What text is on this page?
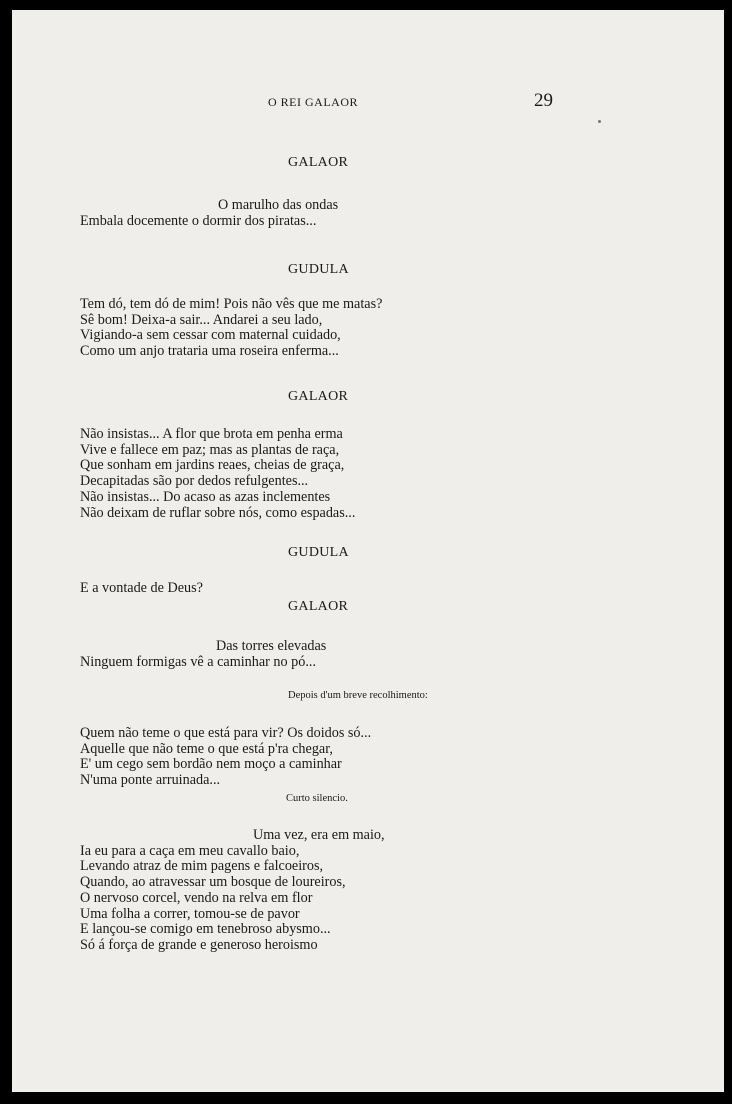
O REI GALAOR	29
GALAOR
O marulho das ondas
Embala docemente o dormir dos piratas...
GUDULA
Tem dó, tem dó de mim! Pois não vês que me matas?
Sê bom! Deixa-a sair... Andarei a seu lado,
Vigiando-a sem cessar com maternal cuidado,
Como um anjo trataria uma roseira enferma...
GALAOR
Não insistas... A flor que brota em penha erma
Vive e fallece em paz; mas as plantas de raça,
Que sonham em jardins reaes, cheias de graça,
Decapitadas são por dedos refulgentes...
Não insistas... Do acaso as azas inclementes
Não deixam de ruflar sobre nós, como espadas...
GUDULA
E a vontade de Deus?
GALAOR
Das torres elevadas
Ninguem formigas vê a caminhar no pó...
Depois d'um breve recolhimento:
Quem não teme o que está para vir? Os doidos só...
Aquelle que não teme o que está p'ra chegar,
E' um cego sem bordão nem moço a caminhar
N'uma ponte arruinada...
Curto silencio.
Uma vez, era em maio,
Ia eu para a caça em meu cavallo baio,
Levando atraz de mim pagens e falcoeiros,
Quando, ao atravessar um bosque de loureiros,
O nervoso corcel, vendo na relva em flor
Uma folha a correr, tomou-se de pavor
E lançou-se comigo em tenebroso abysmo...
Só á força de grande e generoso heroismo
